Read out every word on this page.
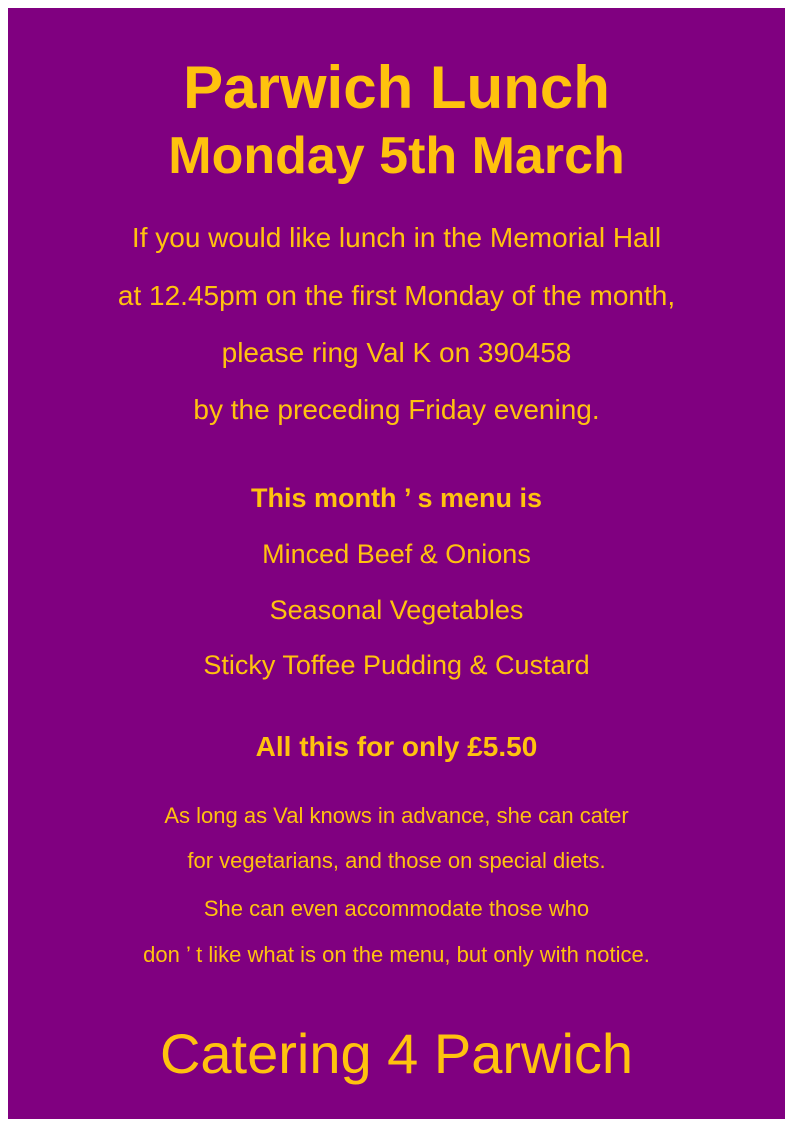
Parwich Lunch
Monday 5th March
If you would like lunch in the Memorial Hall
at 12.45pm on the first Monday of the month,
please ring Val K on 390458
by the preceding Friday evening.
This month ’ s menu is
Minced Beef & Onions
Seasonal Vegetables
Sticky Toffee Pudding & Custard
All this for only £5.50
As long as Val knows in advance, she can cater
for vegetarians, and those on special diets.
She can even accommodate those who
don ’ t like what is on the menu, but only with notice.
Catering 4 Parwich
